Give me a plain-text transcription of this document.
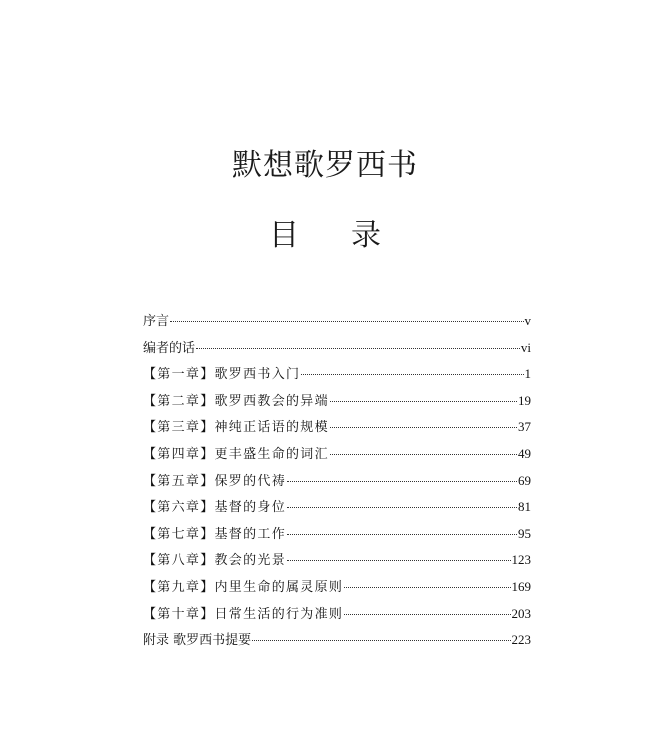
默想歌罗西书
目 录
序言	v
编者的话	vi
【第一章】歌罗西书入门	1
【第二章】歌罗西教会的异端	19
【第三章】神纯正话语的规模	37
【第四章】更丰盛生命的词汇	49
【第五章】保罗的代祷	69
【第六章】基督的身位	81
【第七章】基督的工作	95
【第八章】教会的光景	123
【第九章】内里生命的属灵原则	169
【第十章】日常生活的行为准则	203
附录 歌罗西书提要	223
